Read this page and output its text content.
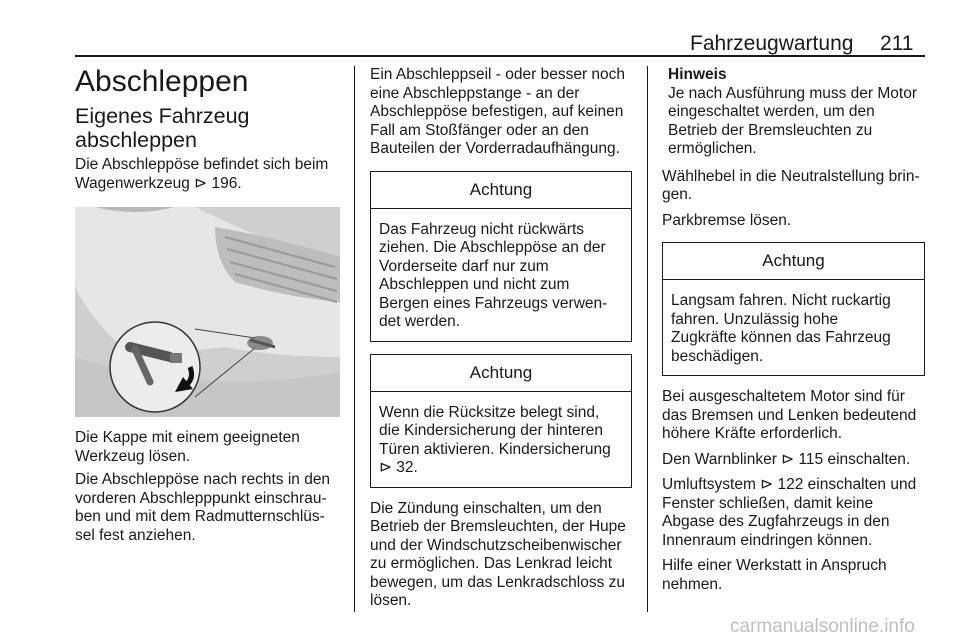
Fahrzeugwartung 211
Abschleppen
Eigenes Fahrzeug
abschleppen

Die Abschleppöse befindet sich beim
Wagenwerkzeug ⊳ 196.

Die Kappe mit einem geeigneten
Werkzeug lösen.

Die Abschleppöse nach rechts in den
vorderen Abschlepppunkt einschrau-
ben und mit dem Radmutternschlüs-
sel fest anziehen.

Ein Abschleppseil - oder besser noch
eine Abschleppstange - an der
Abschleppöse befestigen, auf keinen
Fall am Stoßfänger oder an den
Bauteilen der Vorderradaufhängung.

Achtung
Das Fahrzeug nicht rückwärts
ziehen. Die Abschleppöse an der
Vorderseite darf nur zum
Abschleppen und nicht zum
Bergen eines Fahrzeugs verwen-
det werden.
Achtung
Wenn die Rücksitze belegt sind,
die Kindersicherung der hinteren
Türen aktivieren. Kindersicherung
⊳ 32.

Die Zündung einschalten, um den
Betrieb der Bremsleuchten, der Hupe
und der Windschutzscheibenwischer
zu ermöglichen. Das Lenkrad leicht
bewegen, um das Lenkradschloss zu
lösen.

Hinweis
Je nach Ausführung muss der Motor
eingeschaltet werden, um den
Betrieb der Bremsleuchten zu
ermöglichen.

Wählhebel in die Neutralstellung brin-
gen.

Parkbremse lösen.

Achtung
Langsam fahren. Nicht ruckartig
fahren. Unzulässig hohe
Zugkräfte können das Fahrzeug
beschädigen.

Bei ausgeschaltetem Motor sind für
das Bremsen und Lenken bedeutend
höhere Kräfte erforderlich.

Den Warnblinker ⊳ 115 einschalten.

Umluftsystem ⊳ 122 einschalten und
Fenster schließen, damit keine
Abgase des Zugfahrzeugs in den
Innenraum eindringen können.

Hilfe einer Werkstatt in Anspruch
nehmen.

carmanualsonline.info
